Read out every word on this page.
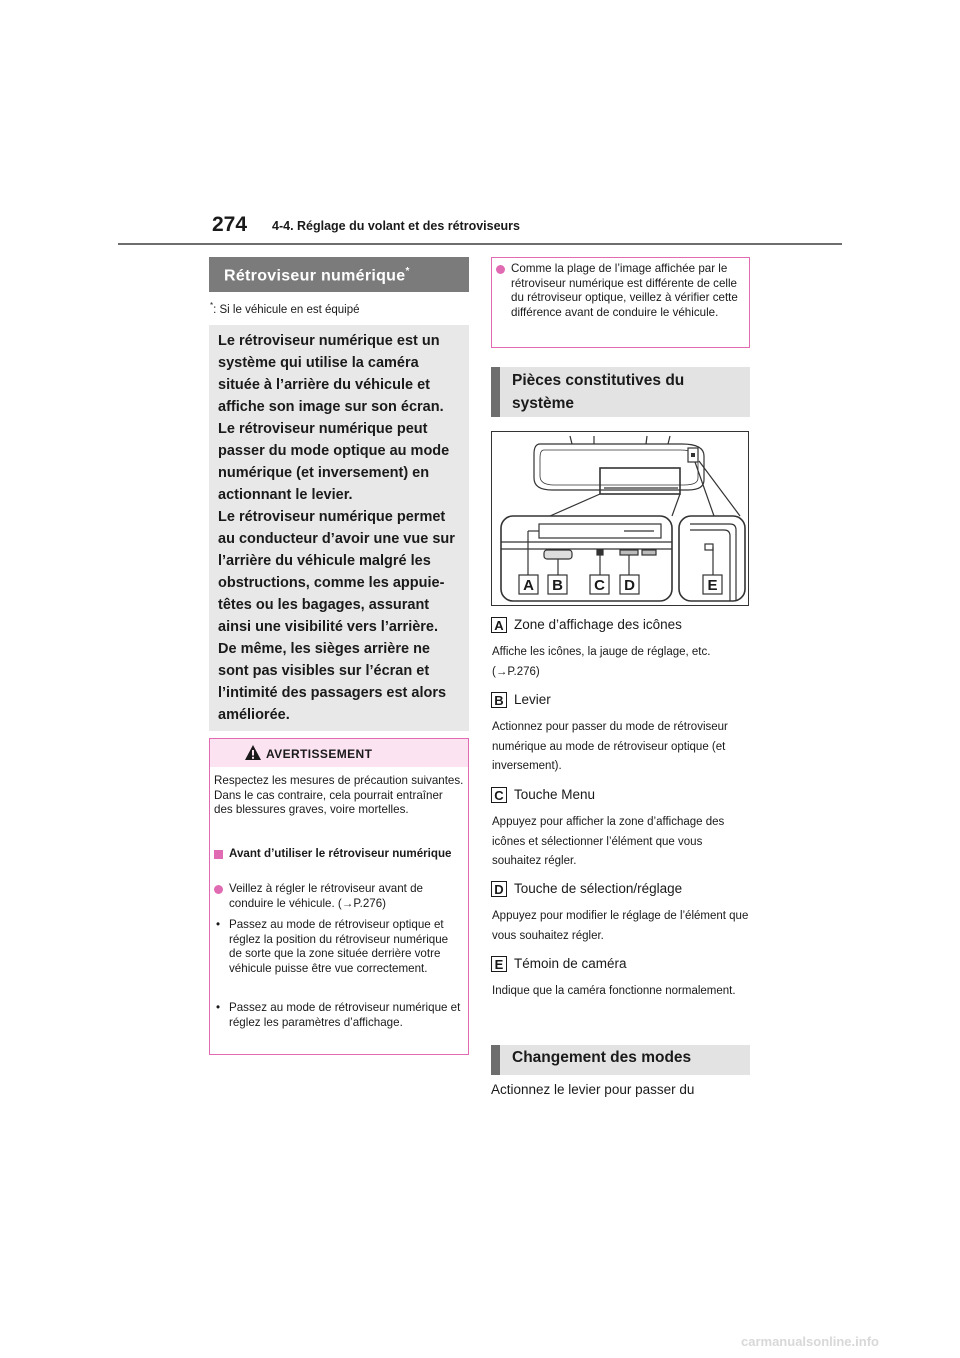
274 4-4. Réglage du volant et des rétroviseurs
Rétroviseur numérique*
*: Si le véhicule en est équipé

Le rétroviseur numérique est un système qui utilise la caméra située à l’arrière du véhicule et affiche son image sur son écran.

Le rétroviseur numérique peut passer du mode optique au mode numérique (et inversement) en actionnant le levier.

Le rétroviseur numérique permet au conducteur d’avoir une vue sur l’arrière du véhicule malgré les obstructions, comme les appuie-têtes ou les bagages, assurant ainsi une visibilité vers l’arrière. De même, les sièges arrière ne sont pas visibles sur l’écran et l’intimité des passagers est alors améliorée.

AVERTISSEMENT
Respectez les mesures de précaution suivantes. Dans le cas contraire, cela pourrait entraîner des blessures graves, voire mortelles.
Avant d’utiliser le rétroviseur numérique
Veillez à régler le rétroviseur avant de conduire le véhicule. (→P.276)
• Passez au mode de rétroviseur optique et réglez la position du rétroviseur numérique de sorte que la zone située derrière votre véhicule puisse être vue correctement.
• Passez au mode de rétroviseur numérique et réglez les paramètres d’affichage.
Comme la plage de l’image affichée par le rétroviseur numérique est différente de celle du rétroviseur optique, veillez à vérifier cette différence avant de conduire le véhicule.
Pièces constitutives du système
A B C D	E
A Zone d’affichage des icônes
Affiche les icônes, la jauge de réglage, etc. (→P.276)
B Levier
Actionnez pour passer du mode de rétroviseur numérique au mode de rétroviseur optique (et inversement).
C Touche Menu
Appuyez pour afficher la zone d’affichage des icônes et sélectionner l’élément que vous souhaitez régler.
D Touche de sélection/réglage
Appuyez pour modifier le réglage de l’élément que vous souhaitez régler.
E Témoin de caméra
Indique que la caméra fonctionne normalement.
Changement des modes
Actionnez le levier pour passer du
carmanualsonline.info
